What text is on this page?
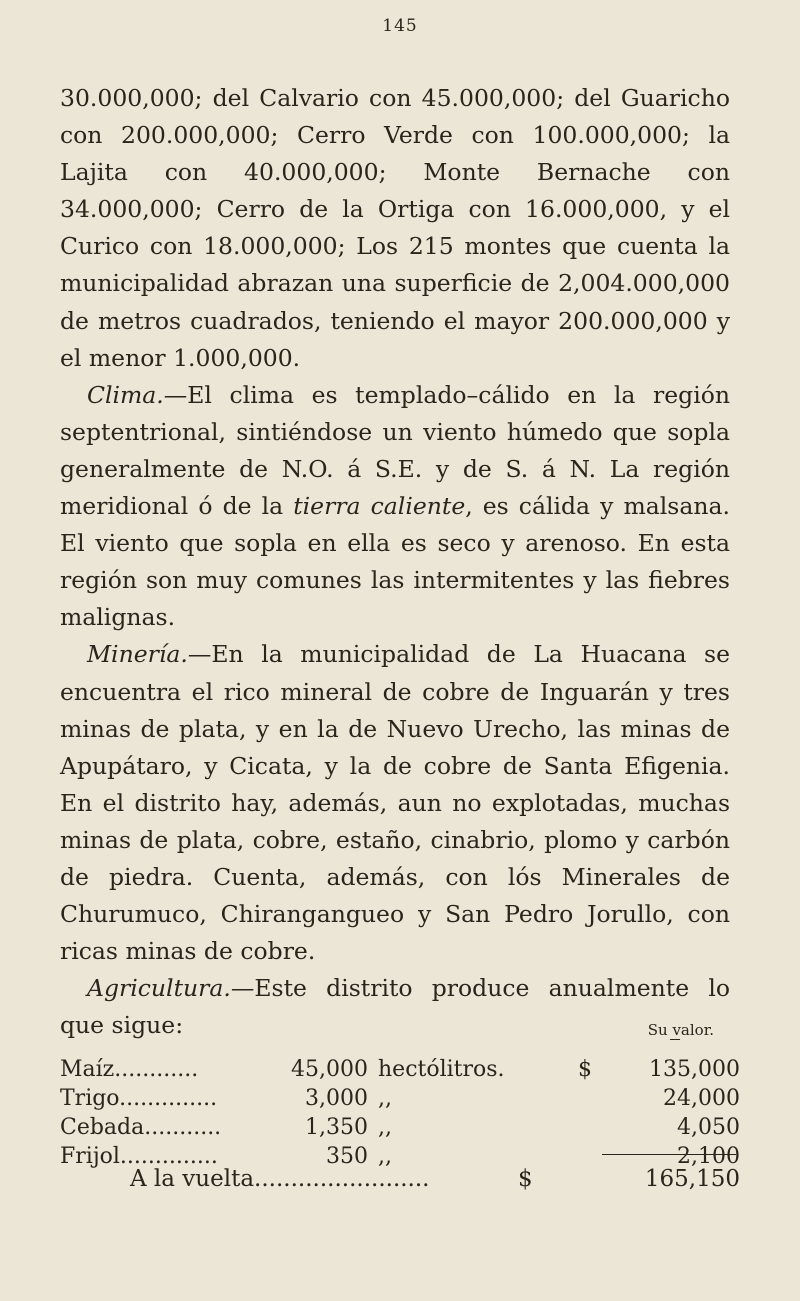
145

30.000,000; del Calvario con 45.000,000; del Guaricho con 200.000,000; Cerro Verde con 100.000,000; la Lajita con 40.000,000; Monte Bernache con 34.000,000; Cerro de la Ortiga con 16.000,000, y el Curico con 18.000,000; Los 215 montes que cuenta la municipalidad abrazan una superficie de 2,004.000,000 de metros cuadrados, teniendo el mayor 200.000,000 y el menor 1.000,000.

Clima.—El clima es templado–cálido en la región septentrional, sintiéndose un viento húmedo que sopla generalmente de N.O. á S.E. y de S. á N. La región meridional ó de la tierra caliente, es cálida y malsana. El viento que sopla en ella es seco y arenoso. En esta región son muy comunes las intermitentes y las fiebres malignas.

Minería.—En la municipalidad de La Huacana se encuentra el rico mineral de cobre de Inguarán y tres minas de plata, y en la de Nuevo Urecho, las minas de Apupátaro, y Cicata, y la de cobre de Santa Efigenia. En el distrito hay, además, aun no explotadas, muchas minas de plata, cobre, estaño, cinabrio, plomo y carbón de piedra. Cuenta, además, con lós Minerales de Churumuco, Chirangangueo y San Pedro Jorullo, con ricas minas de cobre.

Agricultura.—Este distrito produce anualmente lo que sigue:	Su valor.
Maíz............	45,000 hectólitros.	$	135,000
Trigo..............	3,000 ,,	24,000
Cebada...........	1,350 ,,	4,050
Frijol..............	350 ,,	2,100
A la vuelta........................	$	165,150
